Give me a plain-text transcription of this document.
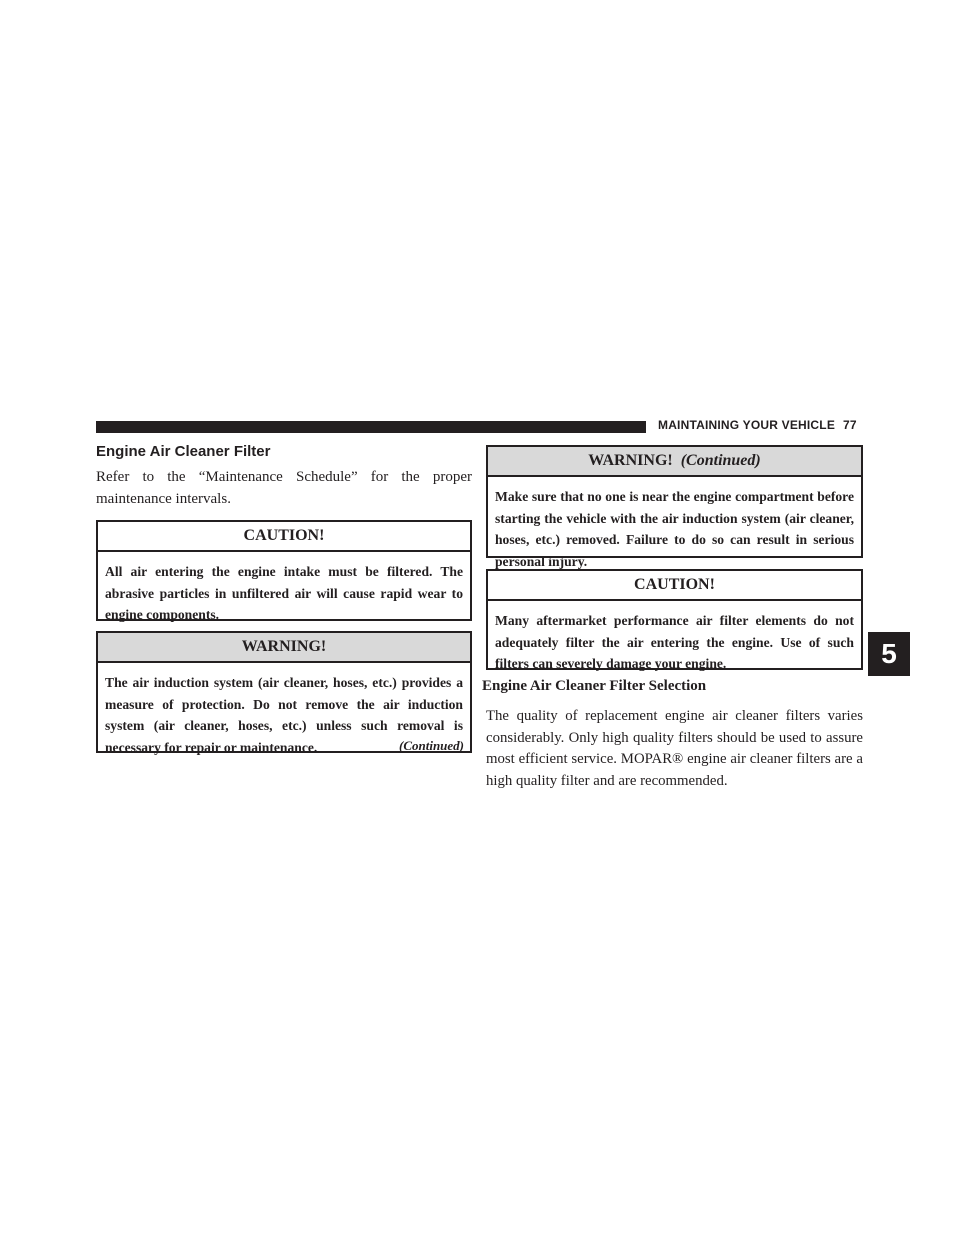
MAINTAINING YOUR VEHICLE 77
5
Engine Air Cleaner Filter
Refer to the “Maintenance Schedule” for the proper maintenance intervals.
CAUTION!
All air entering the engine intake must be filtered. The abrasive particles in unfiltered air will cause rapid wear to engine components.
WARNING!
The air induction system (air cleaner, hoses, etc.) provides a measure of protection. Do not remove the air induction system (air cleaner, hoses, etc.) unless such removal is necessary for repair or maintenance.	(Continued)
WARNING! (Continued)
Make sure that no one is near the engine compartment before starting the vehicle with the air induction system (air cleaner, hoses, etc.) removed. Failure to do so can result in serious personal injury.
CAUTION!
Many aftermarket performance air filter elements do not adequately filter the air entering the engine. Use of such filters can severely damage your engine.
Engine Air Cleaner Filter Selection
The quality of replacement engine air cleaner filters varies considerably. Only high quality filters should be used to assure most efficient service. MOPAR® engine air cleaner filters are a high quality filter and are recommended.
